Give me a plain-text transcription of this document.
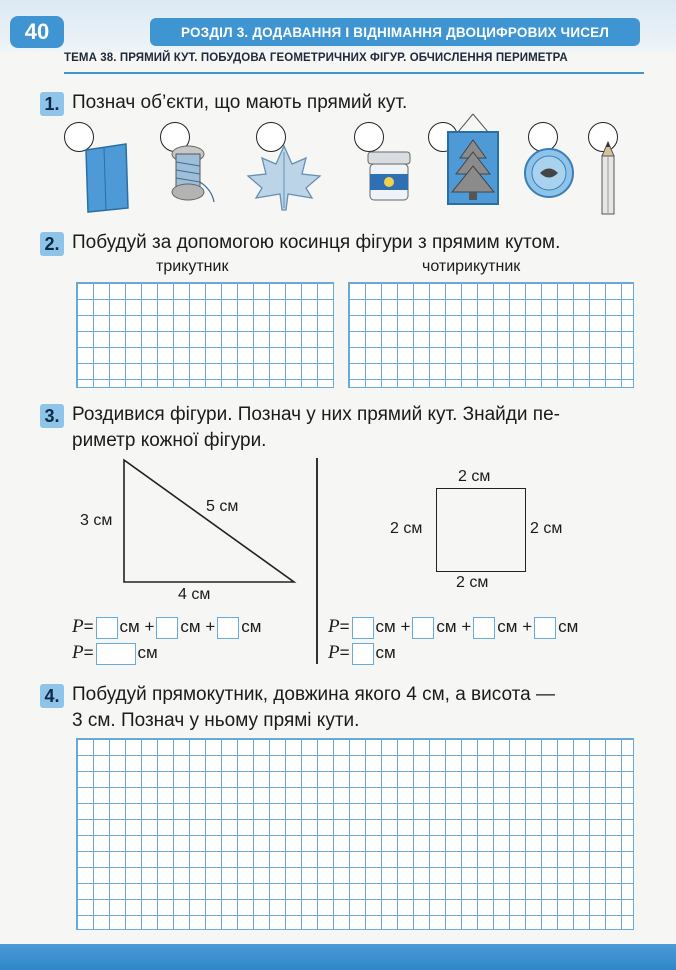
40	РОЗДІЛ 3. ДОДАВАННЯ І ВІДНІМАННЯ ДВОЦИФРОВИХ ЧИСЕЛ
ТЕМА 38. ПРЯМИЙ КУТ. ПОБУДОВА ГЕОМЕТРИЧНИХ ФІГУР. ОБЧИСЛЕННЯ ПЕРИМЕТРА
1. Познач об’єкти, що мають прямий кут.
2. Побудуй за допомогою косинця фігури з прямим кутом.
трикутник	чотирикутник
3. Роздивися фігури. Познач у них прямий кут. Знайди пе-
риметр кожної фігури.
3 см
5 см
4 см
2 см
2 см	2 см
2 см
P= см + см + см
P=	см
P= см + см + см + см
P= см
4. Побудуй прямокутник, довжина якого 4 см, а висота —
3 см. Познач у ньому прямі кути.
